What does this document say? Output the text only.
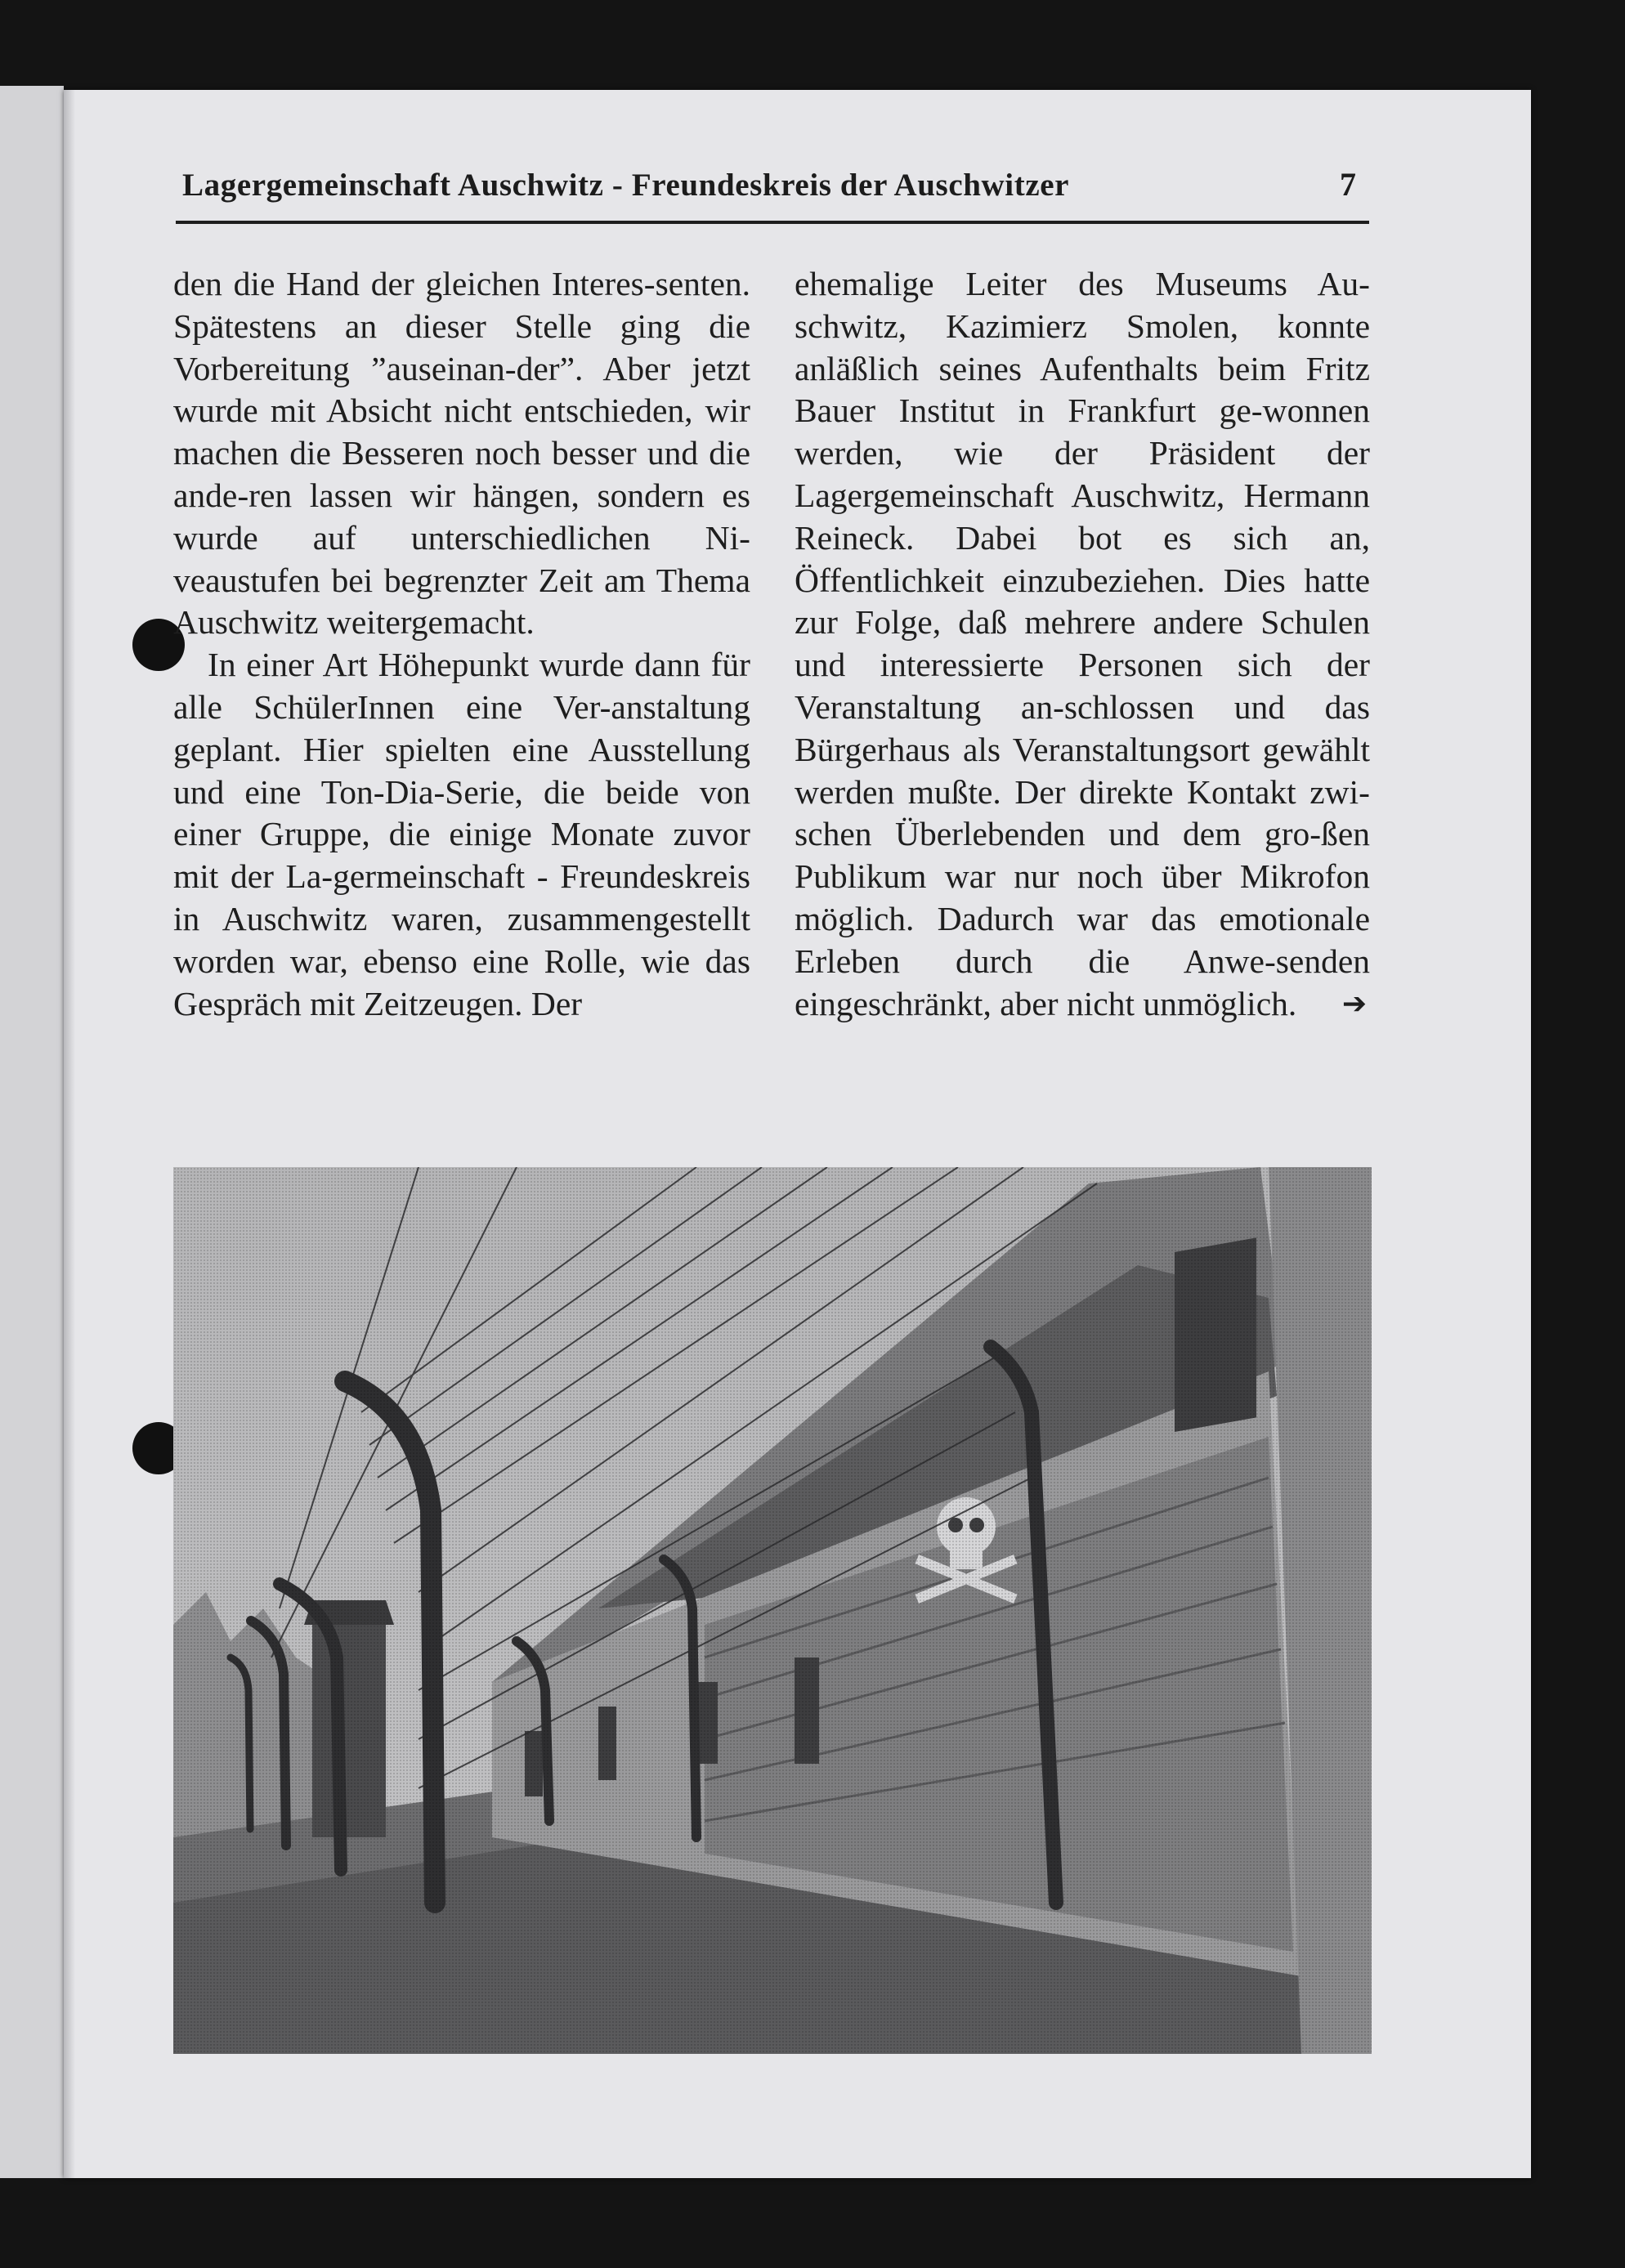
Lagergemeinschaft Auschwitz - Freundeskreis der Auschwitzer	7

den die Hand der gleichen Interes-senten. Spätestens an dieser Stelle ging die Vorbereitung ”auseinan-der”. Aber jetzt wurde mit Absicht nicht entschieden, wir machen die Besseren noch besser und die ande-ren lassen wir hängen, sondern es wurde auf unterschiedlichen Ni-veaustufen bei begrenzter Zeit am Thema Auschwitz weitergemacht.

In einer Art Höhepunkt wurde dann für alle SchülerInnen eine Ver-anstaltung geplant. Hier spielten eine Ausstellung und eine Ton-Dia-Serie, die beide von einer Gruppe, die einige Monate zuvor mit der La-germeinschaft - Freundeskreis in Auschwitz waren, zusammengestellt worden war, ebenso eine Rolle, wie das Gespräch mit Zeitzeugen. Der

ehemalige Leiter des Museums Au-schwitz, Kazimierz Smolen, konnte anläßlich seines Aufenthalts beim Fritz Bauer Institut in Frankfurt ge-wonnen werden, wie der Präsident der Lagergemeinschaft Auschwitz, Hermann Reineck. Dabei bot es sich an, Öffentlichkeit einzubeziehen. Dies hatte zur Folge, daß mehrere andere Schulen und interessierte Personen sich der Veranstaltung an-schlossen und das Bürgerhaus als Veranstaltungsort gewählt werden mußte. Der direkte Kontakt zwi-schen Überlebenden und dem gro-ßen Publikum war nur noch über Mikrofon möglich. Dadurch war das emotionale Erleben durch die Anwe-senden eingeschränkt, aber nicht unmöglich. ➔
